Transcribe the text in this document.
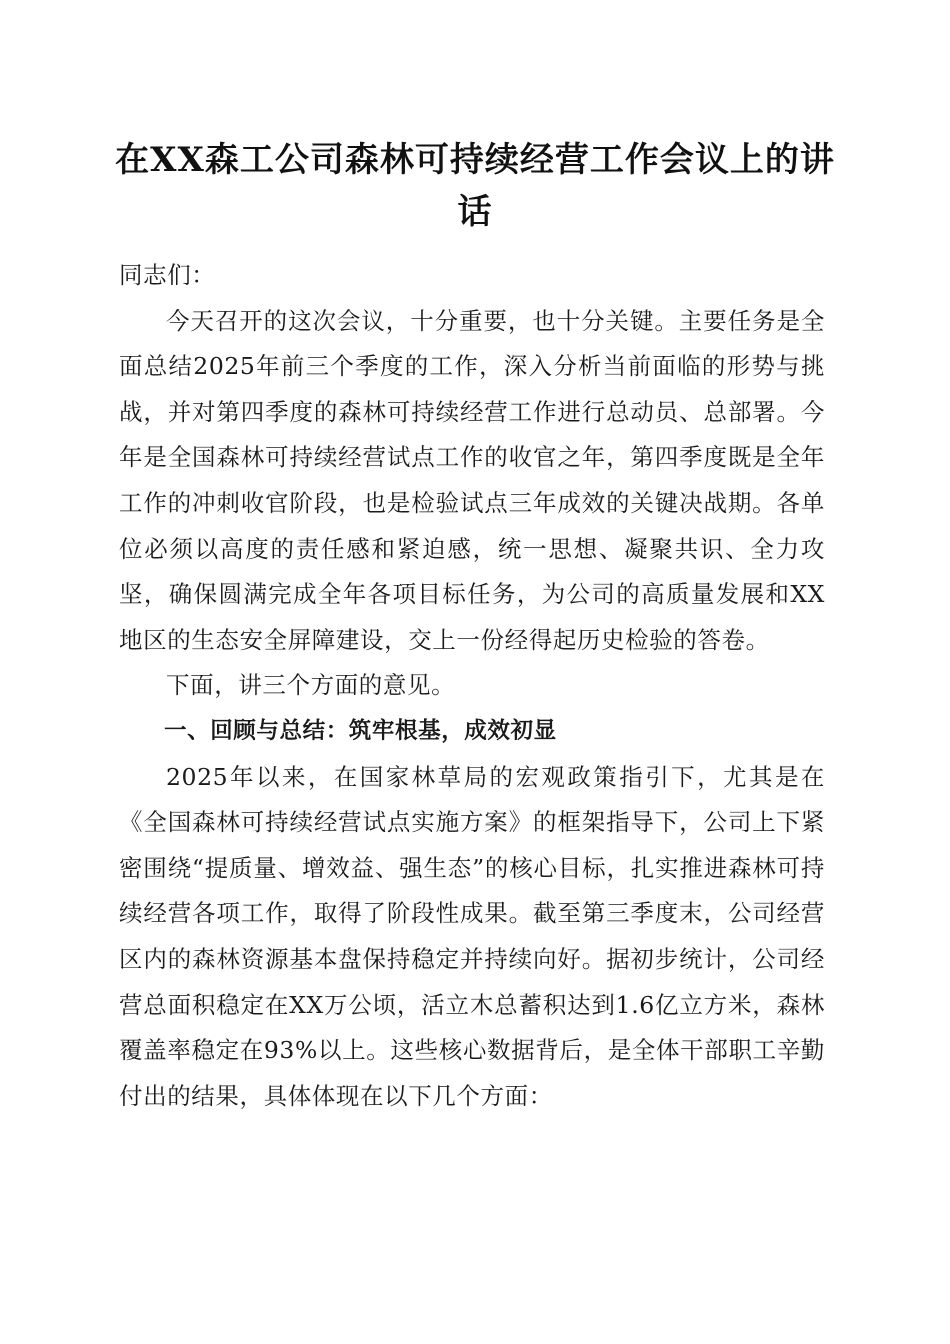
在XX森工公司森林可持续经营工作会议上的讲话

同志们：

今天召开的这次会议，十分重要，也十分关键。主要任务是全面总结2025年前三个季度的工作，深入分析当前面临的形势与挑战，并对第四季度的森林可持续经营工作进行总动员、总部署。今年是全国森林可持续经营试点工作的收官之年，第四季度既是全年工作的冲刺收官阶段，也是检验试点三年成效的关键决战期。各单位必须以高度的责任感和紧迫感，统一思想、凝聚共识、全力攻坚，确保圆满完成全年各项目标任务，为公司的高质量发展和XX地区的生态安全屏障建设，交上一份经得起历史检验的答卷。

下面，讲三个方面的意见。

一、回顾与总结：筑牢根基，成效初显

2025年以来，在国家林草局的宏观政策指引下，尤其是在《全国森林可持续经营试点实施方案》的框架指导下，公司上下紧密围绕“提质量、增效益、强生态”的核心目标，扎实推进森林可持续经营各项工作，取得了阶段性成果。截至第三季度末，公司经营区内的森林资源基本盘保持稳定并持续向好。据初步统计，公司经营总面积稳定在XX万公顷，活立木总蓄积达到1.6亿立方米，森林覆盖率稳定在93%以上。这些核心数据背后，是全体干部职工辛勤付出的结果，具体体现在以下几个方面：
